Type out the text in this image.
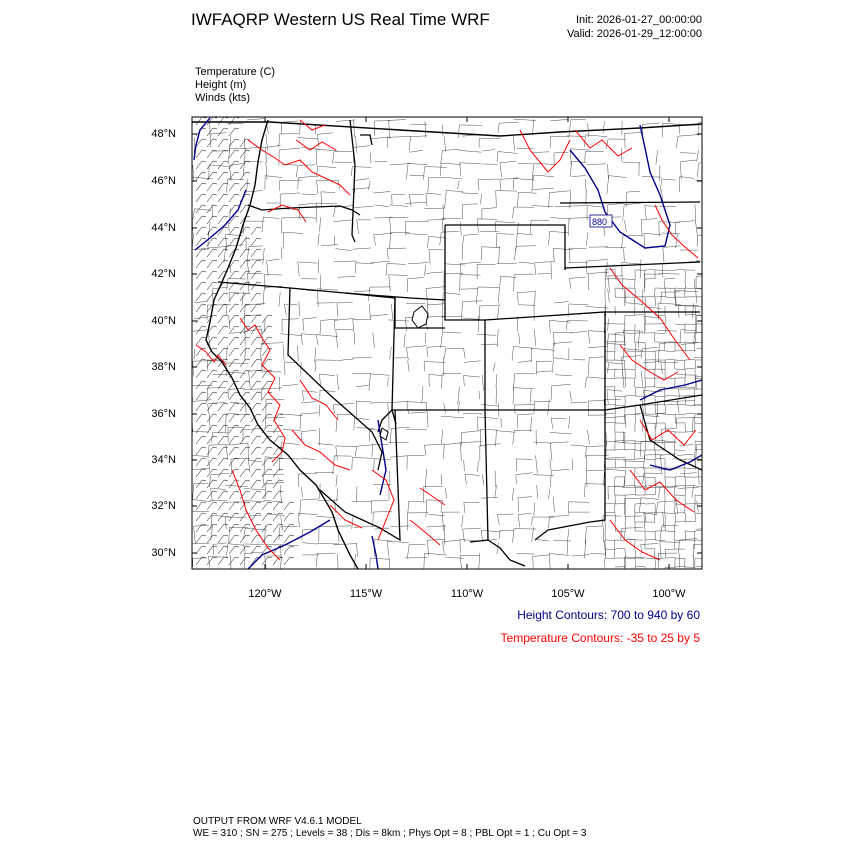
IWFAQRP Western US Real Time WRF	Init: 2026-01-27_00:00:00
Valid: 2026-01-29_12:00:00
Temperature (C)
Height (m)
Winds (kts)
880
48°N
46°N
44°N
42°N
40°N
38°N
36°N
34°N
32°N
30°N
120°W	115°W	110°W	105°W	100°W
Height Contours: 700 to 940 by 60
Temperature Contours: -35 to 25 by 5
OUTPUT FROM WRF V4.6.1 MODEL
WE = 310 ; SN = 275 ; Levels = 38 ; Dis = 8km ; Phys Opt = 8 ; PBL Opt = 1 ; Cu Opt = 3
